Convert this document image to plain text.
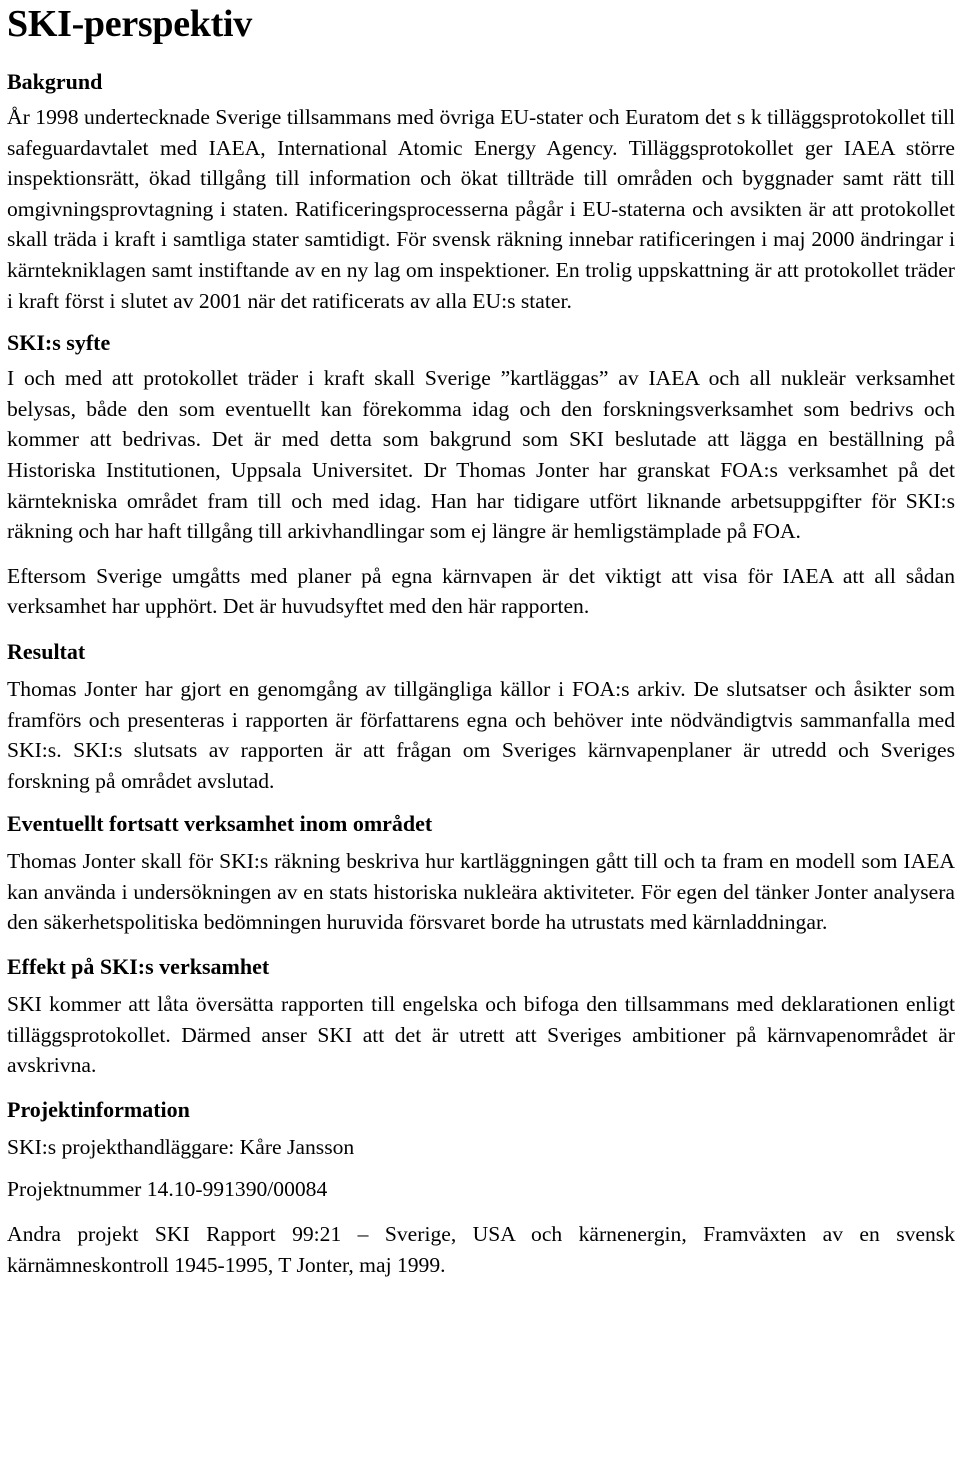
SKI-perspektiv
Bakgrund

År 1998 undertecknade Sverige tillsammans med övriga EU-stater och Euratom det s k tilläggsprotokollet till safeguardavtalet med IAEA, International Atomic Energy Agency. Tilläggsprotokollet ger IAEA större inspektionsrätt, ökad tillgång till information och ökat tillträde till områden och byggnader samt rätt till omgivningsprovtagning i staten. Ratificeringsprocesserna pågår i EU-staterna och avsikten är att protokollet skall träda i kraft i samtliga stater samtidigt. För svensk räkning innebar ratificeringen i maj 2000 ändringar i kärntekniklagen samt instiftande av en ny lag om inspektioner. En trolig uppskattning är att protokollet träder i kraft först i slutet av 2001 när det ratificerats av alla EU:s stater.

SKI:s syfte

I och med att protokollet träder i kraft skall Sverige ”kartläggas” av IAEA och all nukleär verksamhet belysas, både den som eventuellt kan förekomma idag och den forskningsverksamhet som bedrivs och kommer att bedrivas. Det är med detta som bakgrund som SKI beslutade att lägga en beställning på Historiska Institutionen, Uppsala Universitet. Dr Thomas Jonter har granskat FOA:s verksamhet på det kärntekniska området fram till och med idag. Han har tidigare utfört liknande arbetsuppgifter för SKI:s räkning och har haft tillgång till arkivhandlingar som ej längre är hemligstämplade på FOA.

Eftersom Sverige umgåtts med planer på egna kärnvapen är det viktigt att visa för IAEA att all sådan verksamhet har upphört. Det är huvudsyftet med den här rapporten.

Resultat

Thomas Jonter har gjort en genomgång av tillgängliga källor i FOA:s arkiv. De slutsatser och åsikter som framförs och presenteras i rapporten är författarens egna och behöver inte nödvändigtvis sammanfalla med SKI:s. SKI:s slutsats av rapporten är att frågan om Sveriges kärnvapenplaner är utredd och Sveriges forskning på området avslutad.

Eventuellt fortsatt verksamhet inom området

Thomas Jonter skall för SKI:s räkning beskriva hur kartläggningen gått till och ta fram en modell som IAEA kan använda i undersökningen av en stats historiska nukleära aktiviteter. För egen del tänker Jonter analysera den säkerhetspolitiska bedömningen huruvida försvaret borde ha utrustats med kärnladdningar.

Effekt på SKI:s verksamhet

SKI kommer att låta översätta rapporten till engelska och bifoga den tillsammans med deklarationen enligt tilläggsprotokollet. Därmed anser SKI att det är utrett att Sveriges ambitioner på kärnvapenområdet är avskrivna.

Projektinformation

SKI:s projekthandläggare: Kåre Jansson

Projektnummer 14.10-991390/00084

Andra projekt SKI Rapport 99:21 – Sverige, USA och kärnenergin, Framväxten av en svensk kärnämneskontroll 1945-1995, T Jonter, maj 1999.
